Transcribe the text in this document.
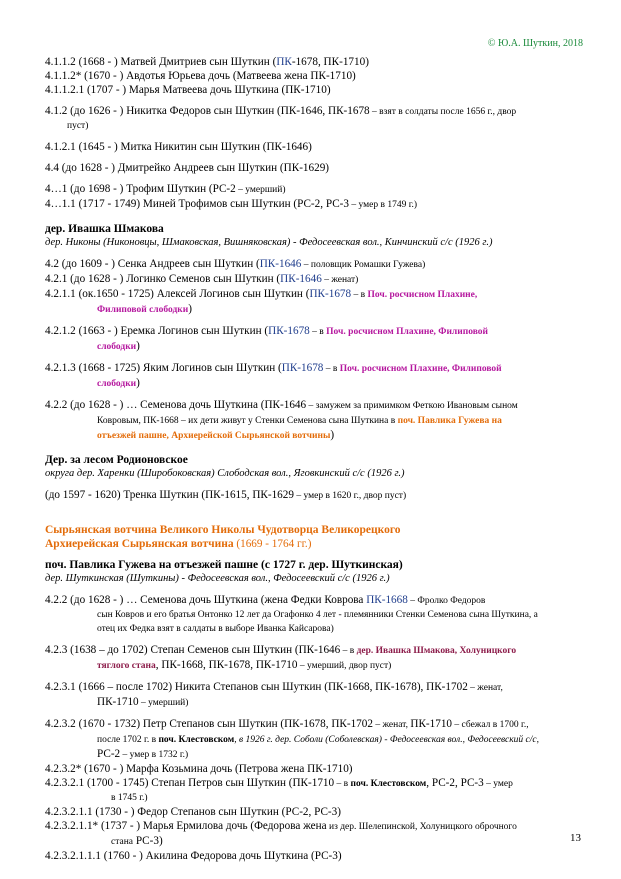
© Ю.А. Шуткин, 2018
4.1.1.2 (1668 - ) Матвей Дмитриев сын Шуткин (ПК-1678, ПК-1710)
4.1.1.2* (1670 - ) Авдотья Юрьева дочь (Матвеева жена ПК-1710)
4.1.1.2.1 (1707 - ) Марья Матвеева дочь Шуткина (ПК-1710)
4.1.2 (до 1626 - ) Никитка Федоров сын Шуткин (ПК-1646, ПК-1678 – взят в солдаты после 1656 г., двор
пуст)
4.1.2.1 (1645 - ) Митка Никитин сын Шуткин (ПК-1646)
4.4 (до 1628 - ) Дмитрейко Андреев сын Шуткин (ПК-1629)
4…1 (до 1698 - ) Трофим Шуткин (РС-2 – умерший)
4…1.1 (1717 - 1749) Миней Трофимов сын Шуткин (РС-2, РС-3 – умер в 1749 г.)
дер. Ивашка Шмакова
дер. Никоны (Никоновцы, Шмаковская, Вишняковская) - Федосеевская вол., Кинчинский с/с (1926 г.)
4.2 (до 1609 - ) Сенка Андреев сын Шуткин (ПК-1646 – половщик Ромашки Гужева)
4.2.1 (до 1628 - ) Логинко Семенов сын Шуткин (ПК-1646 – женат)
4.2.1.1 (ок.1650 - 1725) Алексей Логинов сын Шуткин (ПК-1678 – в Поч. росчисном Плахине,
Филиповой слободки)
4.2.1.2 (1663 - ) Еремка Логинов сын Шуткин (ПК-1678 – в Поч. росчисном Плахине, Филиповой
слободки)
4.2.1.3 (1668 - 1725) Яким Логинов сын Шуткин (ПК-1678 – в Поч. росчисном Плахине, Филиповой
слободки)
4.2.2 (до 1628 - ) … Семенова дочь Шуткина (ПК-1646 – замужем за примимком Феткою Ивановым сыном
Ковровым, ПК-1668 – их дети живут у Стенки Семенова сына Шуткина в поч. Павлика Гужева на
отъезжей пашне, Архиерейской Сырьянской вотчины)
Дер. за лесом Родионовское
округа дер. Харенки (Широбоковская) Слободская вол., Яговкинский с/с (1926 г.)
(до 1597 - 1620) Тренка Шуткин (ПК-1615, ПК-1629 – умер в 1620 г., двор пуст)
Сырьянская вотчина Великого Николы Чудотворца Великорецкого
Архиерейская Сырьянская вотчина (1669 - 1764 гг.)
поч. Павлика Гужева на отъезжей пашне (с 1727 г. дер. Шуткинская)
дер. Шуткинская (Шуткины) - Федосеевская вол., Федосеевский с/с (1926 г.)
4.2.2 (до 1628 - ) … Семенова дочь Шуткина (жена Федки Коврова ПК-1668 – Фролко Федоров
сын Ковров и его братья Онтонко 12 лет да Огафонко 4 лет - племянники Стенки Семенова сына Шуткина, а
отец их Федка взят в салдаты в выборе Иванка Кайсарова)
4.2.3 (1638 – до 1702) Степан Семенов сын Шуткин (ПК-1646 – в дер. Ивашка Шмакова, Холуницкого
тяглого стана, ПК-1668, ПК-1678, ПК-1710 – умерший, двор пуст)
4.2.3.1 (1666 – после 1702) Никита Степанов сын Шуткин (ПК-1668, ПК-1678), ПК-1702 – женат,
ПК-1710 – умерший)
4.2.3.2 (1670 - 1732) Петр Степанов сын Шуткин (ПК-1678, ПК-1702 – женат, ПК-1710 – сбежал в 1700 г.,
после 1702 г. в поч. Клестовском, в 1926 г. дер. Соболи (Соболевская) - Федосеевская вол., Федосеевский с/с,
РС-2 – умер в 1732 г.)
4.2.3.2* (1670 - ) Марфа Козьмина дочь (Петрова жена ПК-1710)
4.2.3.2.1 (1700 - 1745) Степан Петров сын Шуткин (ПК-1710 – в поч. Клестовском, РС-2, РС-3 – умер
в 1745 г.)
4.2.3.2.1.1 (1730 - ) Федор Степанов сын Шуткин (РС-2, РС-3)
4.2.3.2.1.1* (1737 - ) Марья Ермилова дочь (Федорова жена из дер. Шелепинской, Холуницкого оброчного
стана РС-3)
4.2.3.2.1.1.1 (1760 - ) Акилина Федорова дочь Шуткина (РС-3)
13
